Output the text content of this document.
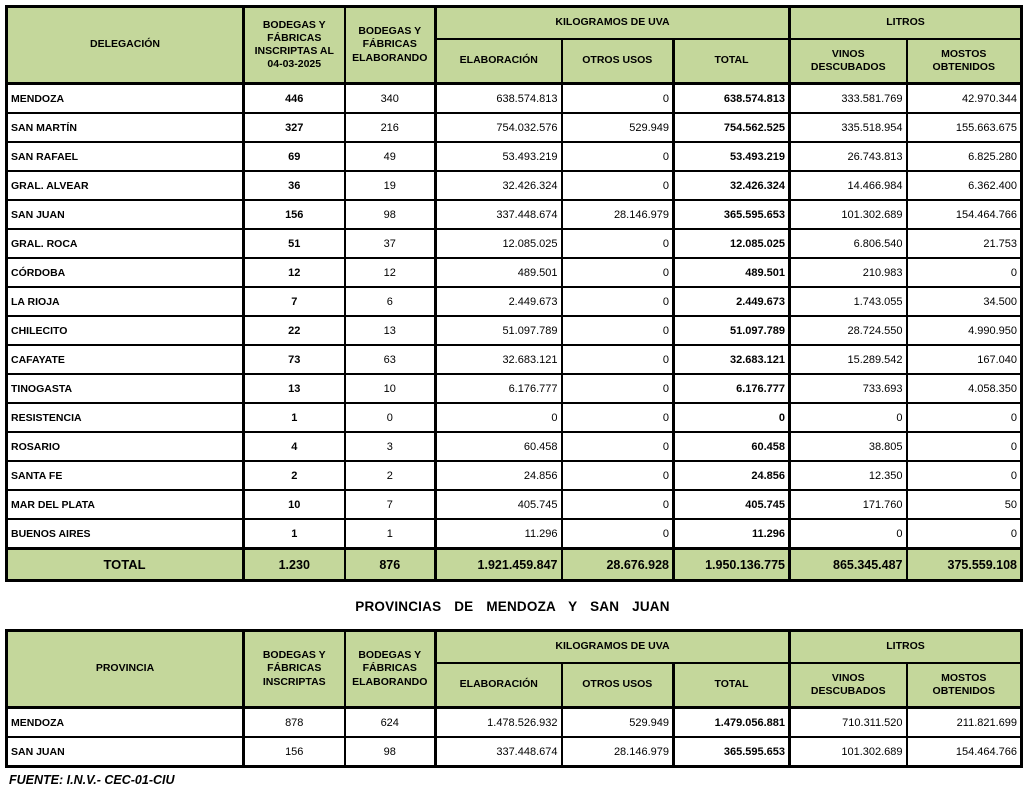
DELEGACIÓN	BODEGAS Y FÁBRICAS INSCRIPTAS AL 04-03-2025	BODEGAS Y FÁBRICAS ELABORANDO	KILOGRAMOS DE UVA			LITROS	
			ELABORACIÓN	OTROS USOS	TOTAL	VINOS DESCUBADOS	MOSTOS OBTENIDOS
MENDOZA	446	340	638.574.813	0	638.574.813	333.581.769	42.970.344
SAN MARTÍN	327	216	754.032.576	529.949	754.562.525	335.518.954	155.663.675
SAN RAFAEL	69	49	53.493.219	0	53.493.219	26.743.813	6.825.280
GRAL. ALVEAR	36	19	32.426.324	0	32.426.324	14.466.984	6.362.400
SAN JUAN	156	98	337.448.674	28.146.979	365.595.653	101.302.689	154.464.766
GRAL. ROCA	51	37	12.085.025	0	12.085.025	6.806.540	21.753
CÓRDOBA	12	12	489.501	0	489.501	210.983	0
LA RIOJA	7	6	2.449.673	0	2.449.673	1.743.055	34.500
CHILECITO	22	13	51.097.789	0	51.097.789	28.724.550	4.990.950
CAFAYATE	73	63	32.683.121	0	32.683.121	15.289.542	167.040
TINOGASTA	13	10	6.176.777	0	6.176.777	733.693	4.058.350
RESISTENCIA	1	0	0	0	0	0	0
ROSARIO	4	3	60.458	0	60.458	38.805	0
SANTA FE	2	2	24.856	0	24.856	12.350	0
MAR DEL PLATA	10	7	405.745	0	405.745	171.760	50
BUENOS AIRES	1	1	11.296	0	11.296	0	0
TOTAL	1.230	876	1.921.459.847	28.676.928	1.950.136.775	865.345.487	375.559.108
PROVINCIAS DE MENDOZA Y SAN JUAN
PROVINCIA	BODEGAS Y FÁBRICAS INSCRIPTAS	BODEGAS Y FÁBRICAS ELABORANDO	KILOGRAMOS DE UVA			LITROS	
			ELABORACIÓN	OTROS USOS	TOTAL	VINOS DESCUBADOS	MOSTOS OBTENIDOS
MENDOZA	878	624	1.478.526.932	529.949	1.479.056.881	710.311.520	211.821.699
SAN JUAN	156	98	337.448.674	28.146.979	365.595.653	101.302.689	154.464.766
FUENTE: I.N.V.- CEC-01-CIU
